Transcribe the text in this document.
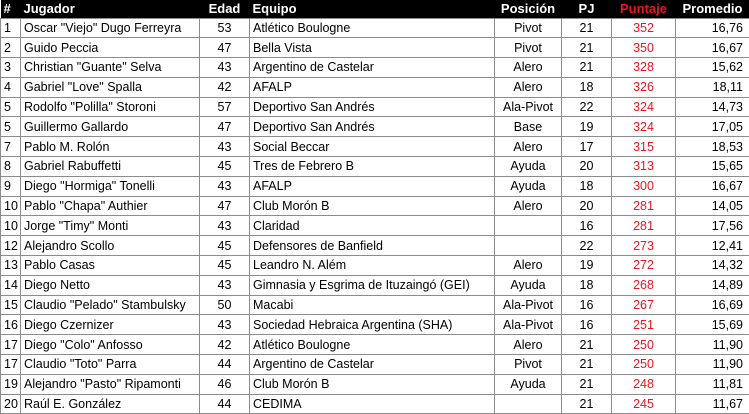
#	Jugador	Edad	Equipo	Posición	PJ	Puntaje	Promedio
1	Oscar "Viejo" Dugo Ferreyra	53	Atlético Boulogne	Pivot	21	352	16,76
2	Guido Peccia	47	Bella Vista	Pivot	21	350	16,67
3	Christian "Guante" Selva	43	Argentino de Castelar	Alero	21	328	15,62
4	Gabriel "Love" Spalla	42	AFALP	Alero	18	326	18,11
5	Rodolfo "Polilla" Storoni	57	Deportivo San Andrés	Ala-Pivot	22	324	14,73
5	Guillermo Gallardo	47	Deportivo San Andrés	Base	19	324	17,05
7	Pablo M. Rolón	43	Social Beccar	Alero	17	315	18,53
8	Gabriel Rabuffetti	45	Tres de Febrero B	Ayuda	20	313	15,65
9	Diego "Hormiga" Tonelli	43	AFALP	Ayuda	18	300	16,67
10	Pablo "Chapa" Authier	47	Club Morón B	Alero	20	281	14,05
10	Jorge "Timy" Monti	43	Claridad		16	281	17,56
12	Alejandro Scollo	45	Defensores de Banfield		22	273	12,41
13	Pablo Casas	45	Leandro N. Além	Alero	19	272	14,32
14	Diego Netto	43	Gimnasia y Esgrima de Ituzaingó (GEI)	Ayuda	18	268	14,89
15	Claudio "Pelado" Stambulsky	50	Macabi	Ala-Pivot	16	267	16,69
16	Diego Czernizer	43	Sociedad Hebraica Argentina (SHA)	Ala-Pivot	16	251	15,69
17	Diego "Colo" Anfosso	42	Atlético Boulogne	Alero	21	250	11,90
17	Claudio "Toto" Parra	44	Argentino de Castelar	Pivot	21	250	11,90
19	Alejandro "Pasto" Ripamonti	46	Club Morón B	Ayuda	21	248	11,81
20	Raúl E. González	44	CEDIMA		21	245	11,67
